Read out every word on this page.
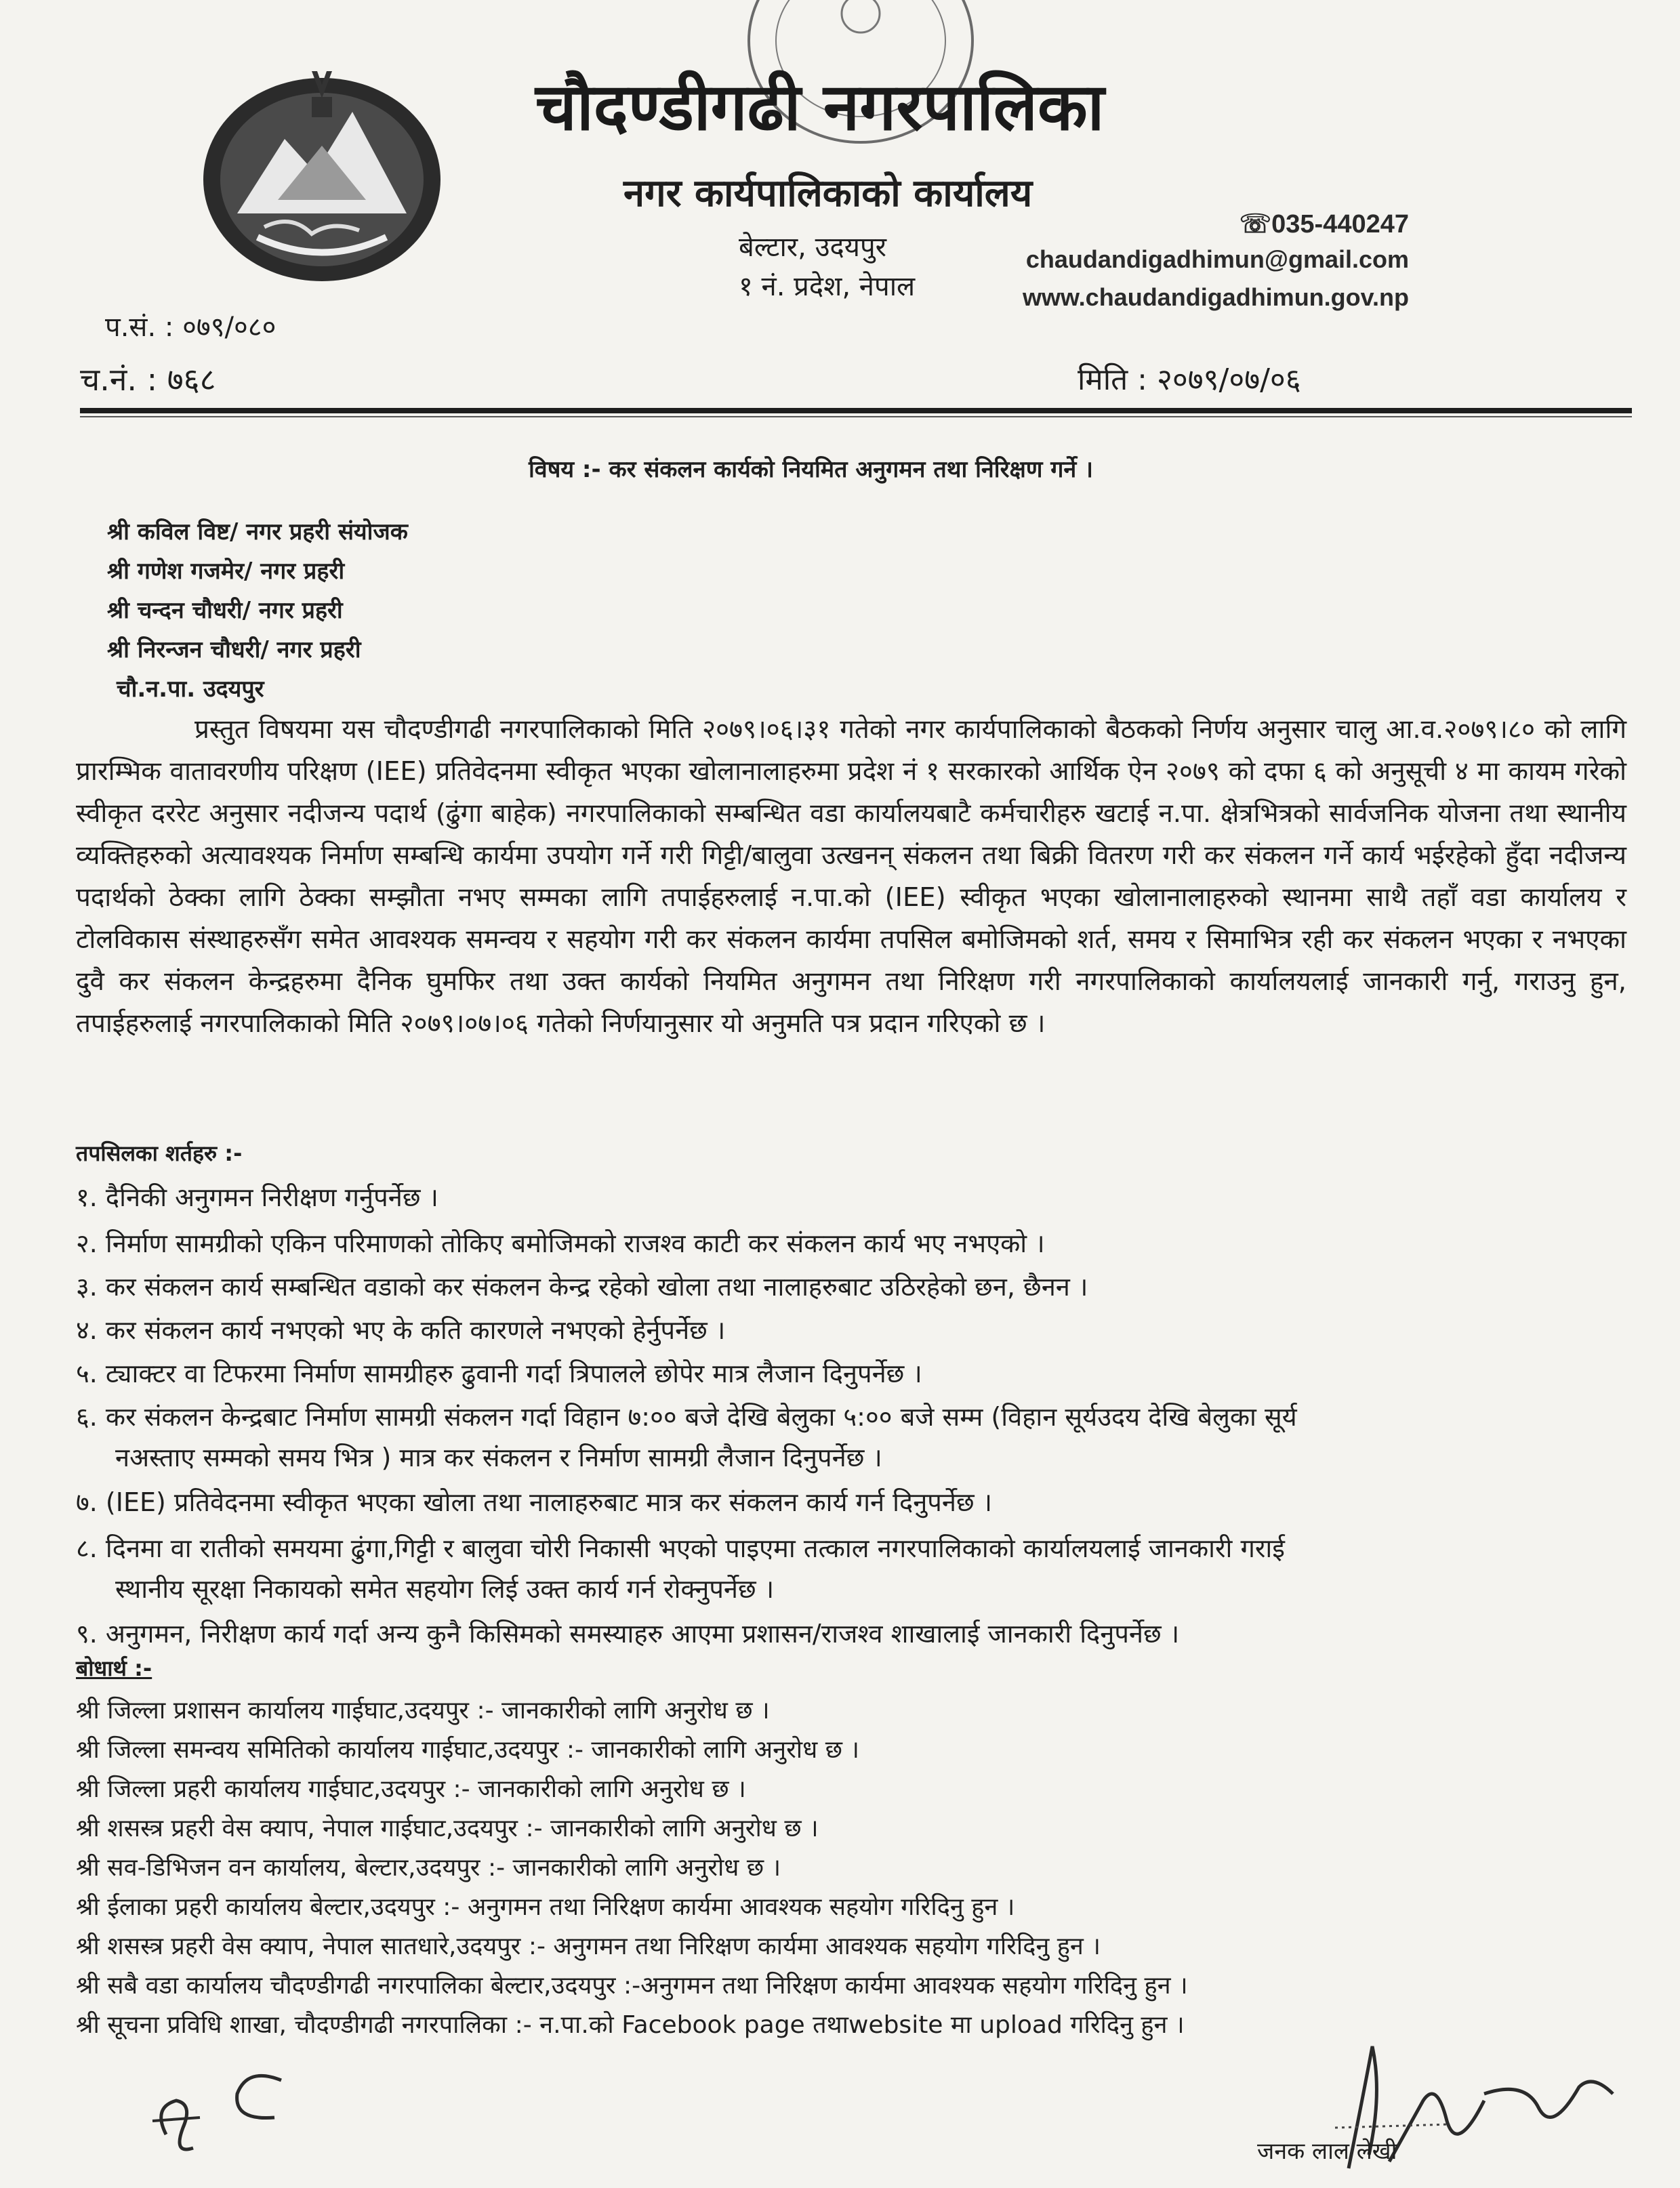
चौदण्डीगढी नगरपालिका
नगर कार्यपालिकाको कार्यालय
बेल्टार, उदयपुर
१ नं. प्रदेश, नेपाल
☏035-440247
chaudandigadhimun@gmail.com
www.chaudandigadhimun.gov.np
प.सं. : ०७९/०८०
च.नं. : ७६८	मिति : २०७९/०७/०६
विषय :- कर संकलन कार्यको नियमित अनुगमन तथा निरिक्षण गर्ने ।
श्री कविल विष्ट/ नगर प्रहरी संयोजक
श्री गणेश गजमेर/ नगर प्रहरी
श्री चन्दन चौधरी/ नगर प्रहरी
श्री निरन्जन चौधरी/ नगर प्रहरी
चौ.न.पा. उदयपुर
प्रस्तुत विषयमा यस चौदण्डीगढी नगरपालिकाको मिति २०७९।०६।३१ गतेको नगर कार्यपालिकाको बैठकको निर्णय अनुसार चालु आ.व.२०७९।८० को लागि प्रारम्भिक वातावरणीय परिक्षण (IEE) प्रतिवेदनमा स्वीकृत भएका खोलानालाहरुमा प्रदेश नं १ सरकारको आर्थिक ऐन २०७९ को दफा ६ को अनुसूची ४ मा कायम गरेको स्वीकृत दररेट अनुसार नदीजन्य पदार्थ (ढुंगा बाहेक) नगरपालिकाको सम्बन्धित वडा कार्यालयबाटै कर्मचारीहरु खटाई न.पा. क्षेत्रभित्रको सार्वजनिक योजना तथा स्थानीय व्यक्तिहरुको अत्यावश्यक निर्माण सम्बन्धि कार्यमा उपयोग गर्ने गरी गिट्टी/बालुवा उत्खनन् संकलन तथा बिक्री वितरण गरी कर संकलन गर्ने कार्य भईरहेको हुँदा नदीजन्य पदार्थको ठेक्का लागि ठेक्का सम्झौता नभए सम्मका लागि तपाईहरुलाई न.पा.को (IEE) स्वीकृत भएका खोलानालाहरुको स्थानमा साथै तहाँ वडा कार्यालय र टोलविकास संस्थाहरुसँग समेत आवश्यक समन्वय र सहयोग गरी कर संकलन कार्यमा तपसिल बमोजिमको शर्त, समय र सिमाभित्र रही कर संकलन भएका र नभएका दुवै कर संकलन केन्द्रहरुमा दैनिक घुमफिर तथा उक्त कार्यको नियमित अनुगमन तथा निरिक्षण गरी नगरपालिकाको कार्यालयलाई जानकारी गर्नु, गराउनु हुन, तपाईहरुलाई नगरपालिकाको मिति २०७९।०७।०६ गतेको निर्णयानुसार यो अनुमति पत्र प्रदान गरिएको छ ।
तपसिलका शर्तहरु :-
१. दैनिकी अनुगमन निरीक्षण गर्नुपर्नेछ ।
२. निर्माण सामग्रीको एकिन परिमाणको तोकिए बमोजिमको राजश्व काटी कर संकलन कार्य भए नभएको ।
३. कर संकलन कार्य सम्बन्धित वडाको कर संकलन केन्द्र रहेको खोला तथा नालाहरुबाट उठिरहेको छन, छैनन ।
४. कर संकलन कार्य नभएको भए के कति कारणले नभएको हेर्नुपर्नेछ ।
५. ट्याक्टर वा टिफरमा निर्माण सामग्रीहरु ढुवानी गर्दा त्रिपालले छोपेर मात्र लैजान दिनुपर्नेछ ।
६. कर संकलन केन्द्रबाट निर्माण सामग्री संकलन गर्दा विहान ७:०० बजे देखि बेलुका ५:०० बजे सम्म (विहान सूर्यउदय देखि बेलुका सूर्य
नअस्ताए सम्मको समय भित्र ) मात्र कर संकलन र निर्माण सामग्री लैजान दिनुपर्नेछ ।
७. (IEE) प्रतिवेदनमा स्वीकृत भएका खोला तथा नालाहरुबाट मात्र कर संकलन कार्य गर्न दिनुपर्नेछ ।
८. दिनमा वा रातीको समयमा ढुंगा,गिट्टी र बालुवा चोरी निकासी भएको पाइएमा तत्काल नगरपालिकाको कार्यालयलाई जानकारी गराई
स्थानीय सूरक्षा निकायको समेत सहयोग लिई उक्त कार्य गर्न रोक्नुपर्नेछ ।
९. अनुगमन, निरीक्षण कार्य गर्दा अन्य कुनै किसिमको समस्याहरु आएमा प्रशासन/राजश्व शाखालाई जानकारी दिनुपर्नेछ ।
बोधार्थ :-
श्री जिल्ला प्रशासन कार्यालय गाईघाट,उदयपुर :- जानकारीको लागि अनुरोध छ ।
श्री जिल्ला समन्वय समितिको कार्यालय गाईघाट,उदयपुर :- जानकारीको लागि अनुरोध छ ।
श्री जिल्ला प्रहरी कार्यालय गाईघाट,उदयपुर :- जानकारीको लागि अनुरोध छ ।
श्री शसस्त्र प्रहरी वेस क्याप, नेपाल गाईघाट,उदयपुर :- जानकारीको लागि अनुरोध छ ।
श्री सव-डिभिजन वन कार्यालय, बेल्टार,उदयपुर :- जानकारीको लागि अनुरोध छ ।
श्री ईलाका प्रहरी कार्यालय बेल्टार,उदयपुर :- अनुगमन तथा निरिक्षण कार्यमा आवश्यक सहयोग गरिदिनु हुन ।
श्री शसस्त्र प्रहरी वेस क्याप, नेपाल सातधारे,उदयपुर :- अनुगमन तथा निरिक्षण कार्यमा आवश्यक सहयोग गरिदिनु हुन ।
श्री सबै वडा कार्यालय चौदण्डीगढी नगरपालिका बेल्टार,उदयपुर :-अनुगमन तथा निरिक्षण कार्यमा आवश्यक सहयोग गरिदिनु हुन ।
श्री सूचना प्रविधि शाखा, चौदण्डीगढी नगरपालिका :- न.पा.को Facebook page तथाwebsite मा upload गरिदिनु हुन ।
जनक लाल लेखी
